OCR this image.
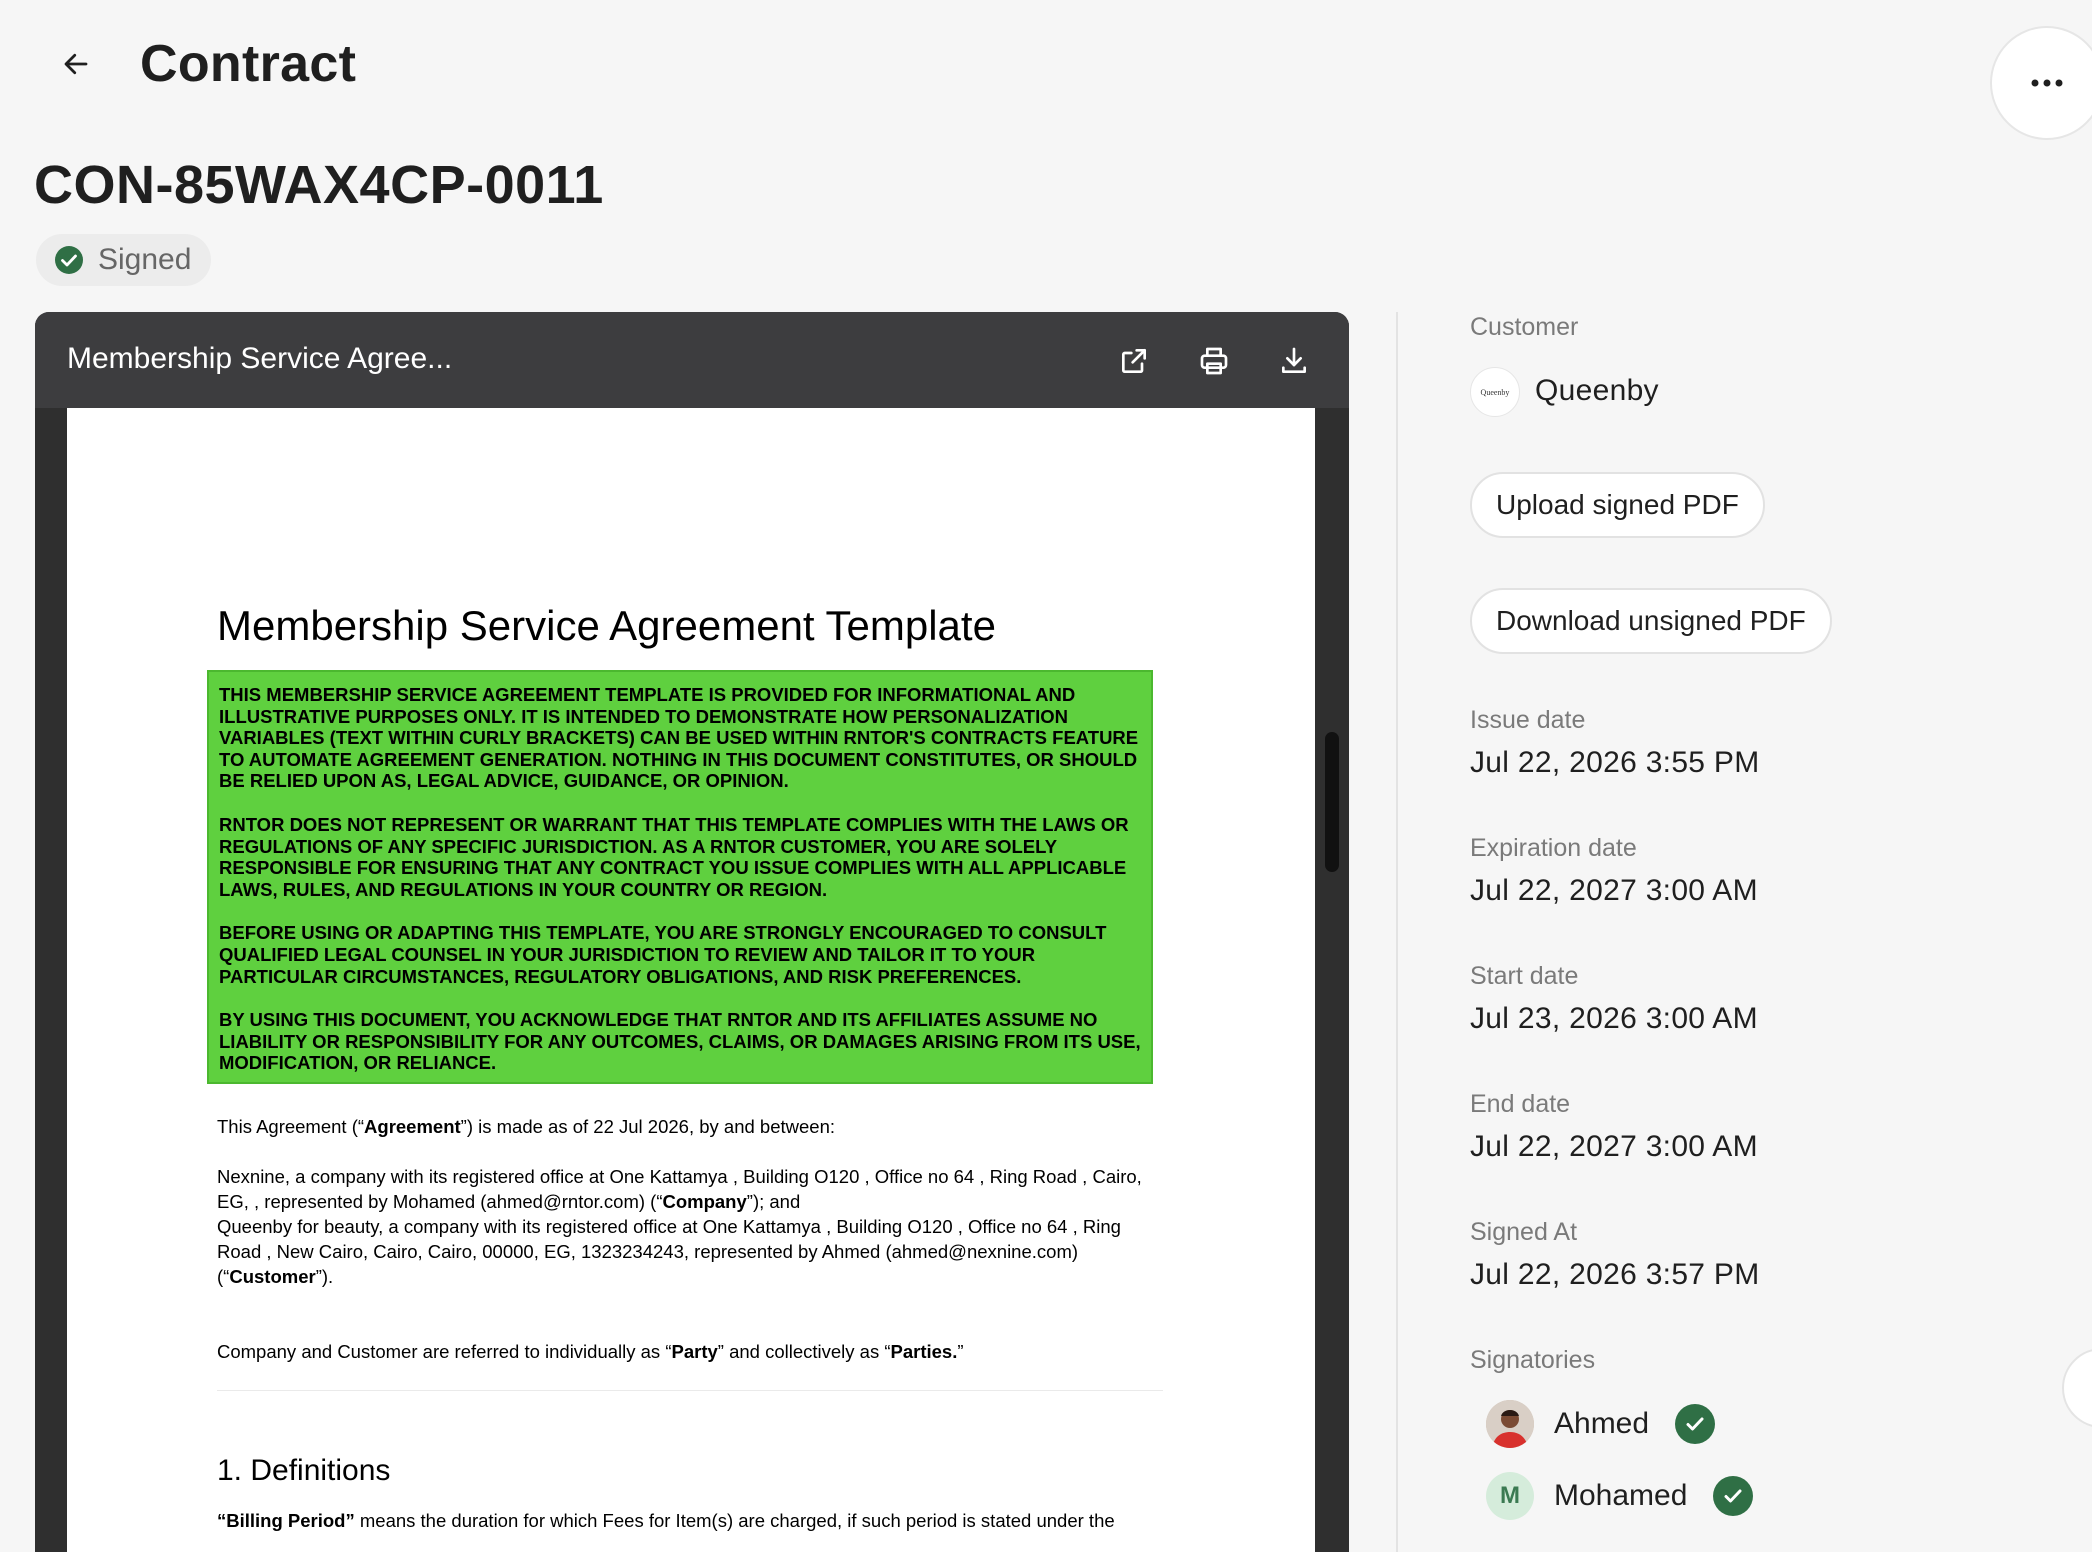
Contract
CON-85WAX4CP-0011
Signed
Membership Service Agree...
Membership Service Agreement Template

THIS MEMBERSHIP SERVICE AGREEMENT TEMPLATE IS PROVIDED FOR INFORMATIONAL AND ILLUSTRATIVE PURPOSES ONLY. IT IS INTENDED TO DEMONSTRATE HOW PERSONALIZATION VARIABLES (TEXT WITHIN CURLY BRACKETS) CAN BE USED WITHIN RNTOR'S CONTRACTS FEATURE TO AUTOMATE AGREEMENT GENERATION. NOTHING IN THIS DOCUMENT CONSTITUTES, OR SHOULD BE RELIED UPON AS, LEGAL ADVICE, GUIDANCE, OR OPINION.

RNTOR DOES NOT REPRESENT OR WARRANT THAT THIS TEMPLATE COMPLIES WITH THE LAWS OR REGULATIONS OF ANY SPECIFIC JURISDICTION. AS A RNTOR CUSTOMER, YOU ARE SOLELY RESPONSIBLE FOR ENSURING THAT ANY CONTRACT YOU ISSUE COMPLIES WITH ALL APPLICABLE LAWS, RULES, AND REGULATIONS IN YOUR COUNTRY OR REGION.

BEFORE USING OR ADAPTING THIS TEMPLATE, YOU ARE STRONGLY ENCOURAGED TO CONSULT QUALIFIED LEGAL COUNSEL IN YOUR JURISDICTION TO REVIEW AND TAILOR IT TO YOUR PARTICULAR CIRCUMSTANCES, REGULATORY OBLIGATIONS, AND RISK PREFERENCES.

BY USING THIS DOCUMENT, YOU ACKNOWLEDGE THAT RNTOR AND ITS AFFILIATES ASSUME NO LIABILITY OR RESPONSIBILITY FOR ANY OUTCOMES, CLAIMS, OR DAMAGES ARISING FROM ITS USE, MODIFICATION, OR RELIANCE.

This Agreement (“Agreement”) is made as of 22 Jul 2026, by and between:
Nexnine, a company with its registered office at One Kattamya , Building O120 , Office no 64 , Ring Road , Cairo, EG, , represented by Mohamed (ahmed@rntor.com) (“Company”); and
Queenby for beauty, a company with its registered office at One Kattamya , Building O120 , Office no 64 , Ring Road , New Cairo, Cairo, Cairo, 00000, EG, 1323234243, represented by Ahmed (ahmed@nexnine.com) (“Customer”).
Company and Customer are referred to individually as “Party” and collectively as “Parties.”
1. Definitions
“Billing Period” means the duration for which Fees for Item(s) are charged, if such period is stated under the
Customer
Queenby Queenby
Upload signed PDF
Download unsigned PDF
Issue date
Jul 22, 2026 3:55 PM
Expiration date
Jul 22, 2027 3:00 AM
Start date
Jul 23, 2026 3:00 AM
End date
Jul 22, 2027 3:00 AM
Signed At
Jul 22, 2026 3:57 PM
Signatories
Ahmed
M Mohamed
